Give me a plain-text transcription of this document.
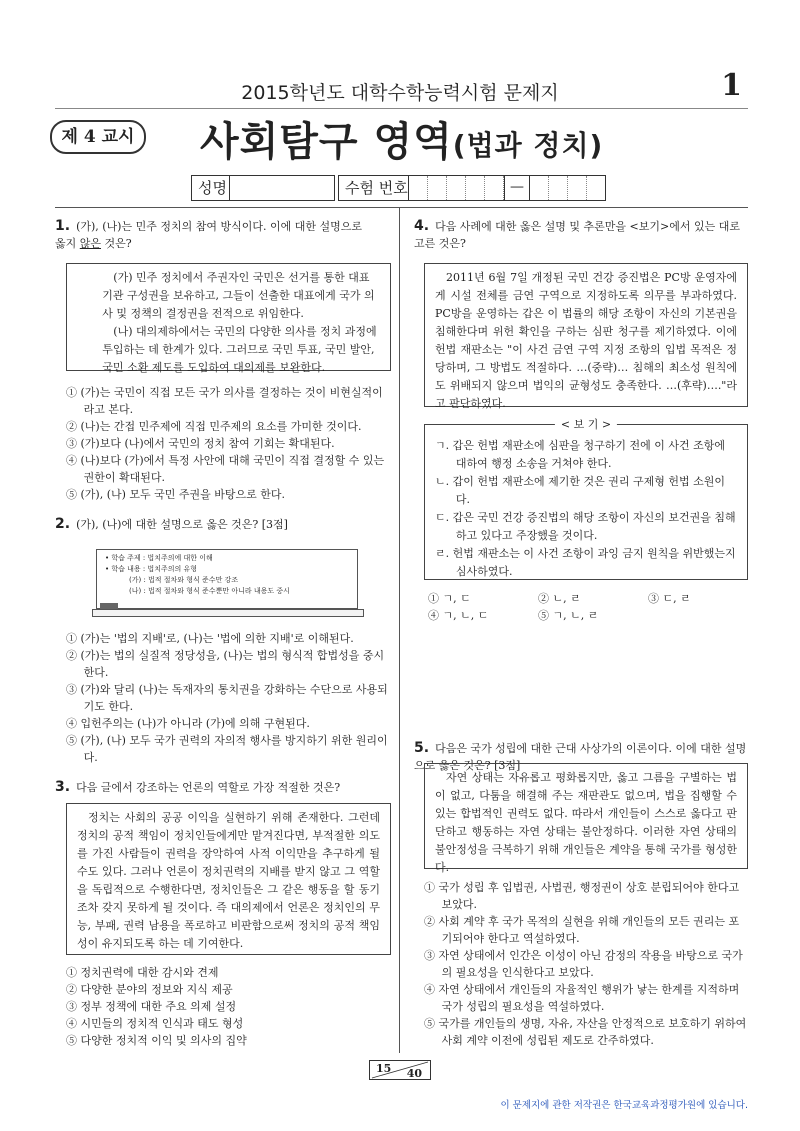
2015학년도 대학수학능력시험 문제지	1
제 4 교시 사회탐구 영역(법과 정치)
성명	수험 번호	—
1. (가), (나)는 민주 정치의 참여 방식이다. 이에 대한 설명으로
옳지 않은 것은?

(가) 민주 정치에서 주권자인 국민은 선거를 통한 대표 기관 구성권을 보유하고, 그들이 선출한 대표에게 국가 의사 및 정책의 결정권을 전적으로 위임한다.

(나) 대의제하에서는 국민의 다양한 의사를 정치 과정에 투입하는 데 한계가 있다. 그러므로 국민 투표, 국민 발안, 국민 소환 제도를 도입하여 대의제를 보완한다.

① (가)는 국민이 직접 모든 국가 의사를 결정하는 것이 비현실적이라고 본다.
② (나)는 간접 민주제에 직접 민주제의 요소를 가미한 것이다.
③ (가)보다 (나)에서 국민의 정치 참여 기회는 확대된다.
④ (나)보다 (가)에서 특정 사안에 대해 국민이 직접 결정할 수 있는 권한이 확대된다.
⑤ (가), (나) 모두 국민 주권을 바탕으로 한다.
2. (가), (나)에 대한 설명으로 옳은 것은? [3점]
• 학습 주제 : 법치주의에 대한 이해
• 학습 내용 : 법치주의의 유형
(가) : 법적 절차와 형식 준수만 강조
(나) : 법적 절차와 형식 준수뿐만 아니라 내용도 중시
① (가)는 '법의 지배'로, (나)는 '법에 의한 지배'로 이해된다.
② (가)는 법의 실질적 정당성을, (나)는 법의 형식적 합법성을 중시한다.
③ (가)와 달리 (나)는 독재자의 통치권을 강화하는 수단으로 사용되기도 한다.
④ 입헌주의는 (나)가 아니라 (가)에 의해 구현된다.
⑤ (가), (나) 모두 국가 권력의 자의적 행사를 방지하기 위한 원리이다.
3. 다음 글에서 강조하는 언론의 역할로 가장 적절한 것은?

정치는 사회의 공공 이익을 실현하기 위해 존재한다. 그런데 정치의 공적 책임이 정치인들에게만 맡겨진다면, 부적절한 의도를 가진 사람들이 권력을 장악하여 사적 이익만을 추구하게 될 수도 있다. 그러나 언론이 정치권력의 지배를 받지 않고 그 역할을 독립적으로 수행한다면, 정치인들은 그 같은 행동을 할 동기조차 갖지 못하게 될 것이다. 즉 대의제에서 언론은 정치인의 무능, 부패, 권력 남용을 폭로하고 비판함으로써 정치의 공적 책임성이 유지되도록 하는 데 기여한다.

① 정치권력에 대한 감시와 견제
② 다양한 분야의 정보와 지식 제공
③ 정부 정책에 대한 주요 의제 설정
④ 시민들의 정치적 인식과 태도 형성
⑤ 다양한 정치적 이익 및 의사의 집약
4. 다음 사례에 대한 옳은 설명 및 추론만을 <보기>에서 있는 대로 고른 것은?

2011년 6월 7일 개정된 국민 건강 증진법은 PC방 운영자에게 시설 전체를 금연 구역으로 지정하도록 의무를 부과하였다. PC방을 운영하는 갑은 이 법률의 해당 조항이 자신의 기본권을 침해한다며 위헌 확인을 구하는 심판 청구를 제기하였다. 이에 헌법 재판소는 "이 사건 금연 구역 지정 조항의 입법 목적은 정당하며, 그 방법도 적절하다. …(중략)… 침해의 최소성 원칙에도 위배되지 않으며 법익의 균형성도 충족한다. …(후략)…."라고 판단하였다.

< 보 기 >

ㄱ. 갑은 헌법 재판소에 심판을 청구하기 전에 이 사건 조항에 대하여 행정 소송을 거쳐야 한다.

ㄴ. 갑이 헌법 재판소에 제기한 것은 권리 구제형 헌법 소원이다.

ㄷ. 갑은 국민 건강 증진법의 해당 조항이 자신의 보건권을 침해하고 있다고 주장했을 것이다.

ㄹ. 헌법 재판소는 이 사건 조항이 과잉 금지 원칙을 위반했는지 심사하였다.

① ㄱ, ㄷ	② ㄴ, ㄹ	③ ㄷ, ㄹ
④ ㄱ, ㄴ, ㄷ	⑤ ㄱ, ㄴ, ㄹ
5. 다음은 국가 성립에 대한 근대 사상가의 이론이다. 이에 대한 설명으로 옳은 것은? [3점]

자연 상태는 자유롭고 평화롭지만, 옳고 그름을 구별하는 법이 없고, 다툼을 해결해 주는 재판관도 없으며, 법을 집행할 수 있는 합법적인 권력도 없다. 따라서 개인들이 스스로 옳다고 판단하고 행동하는 자연 상태는 불안정하다. 이러한 자연 상태의 불안정성을 극복하기 위해 개인들은 계약을 통해 국가를 형성한다.

① 국가 성립 후 입법권, 사법권, 행정권이 상호 분립되어야 한다고 보았다.
② 사회 계약 후 국가 목적의 실현을 위해 개인들의 모든 권리는 포기되어야 한다고 역설하였다.
③ 자연 상태에서 인간은 이성이 아닌 감정의 작용을 바탕으로 국가의 필요성을 인식한다고 보았다.
④ 자연 상태에서 개인들의 자율적인 행위가 낳는 한계를 지적하며 국가 성립의 필요성을 역설하였다.
⑤ 국가를 개인들의 생명, 자유, 자산을 안정적으로 보호하기 위하여 사회 계약 이전에 성립된 제도로 간주하였다.
15 40
이 문제지에 관한 저작권은 한국교육과정평가원에 있습니다.
